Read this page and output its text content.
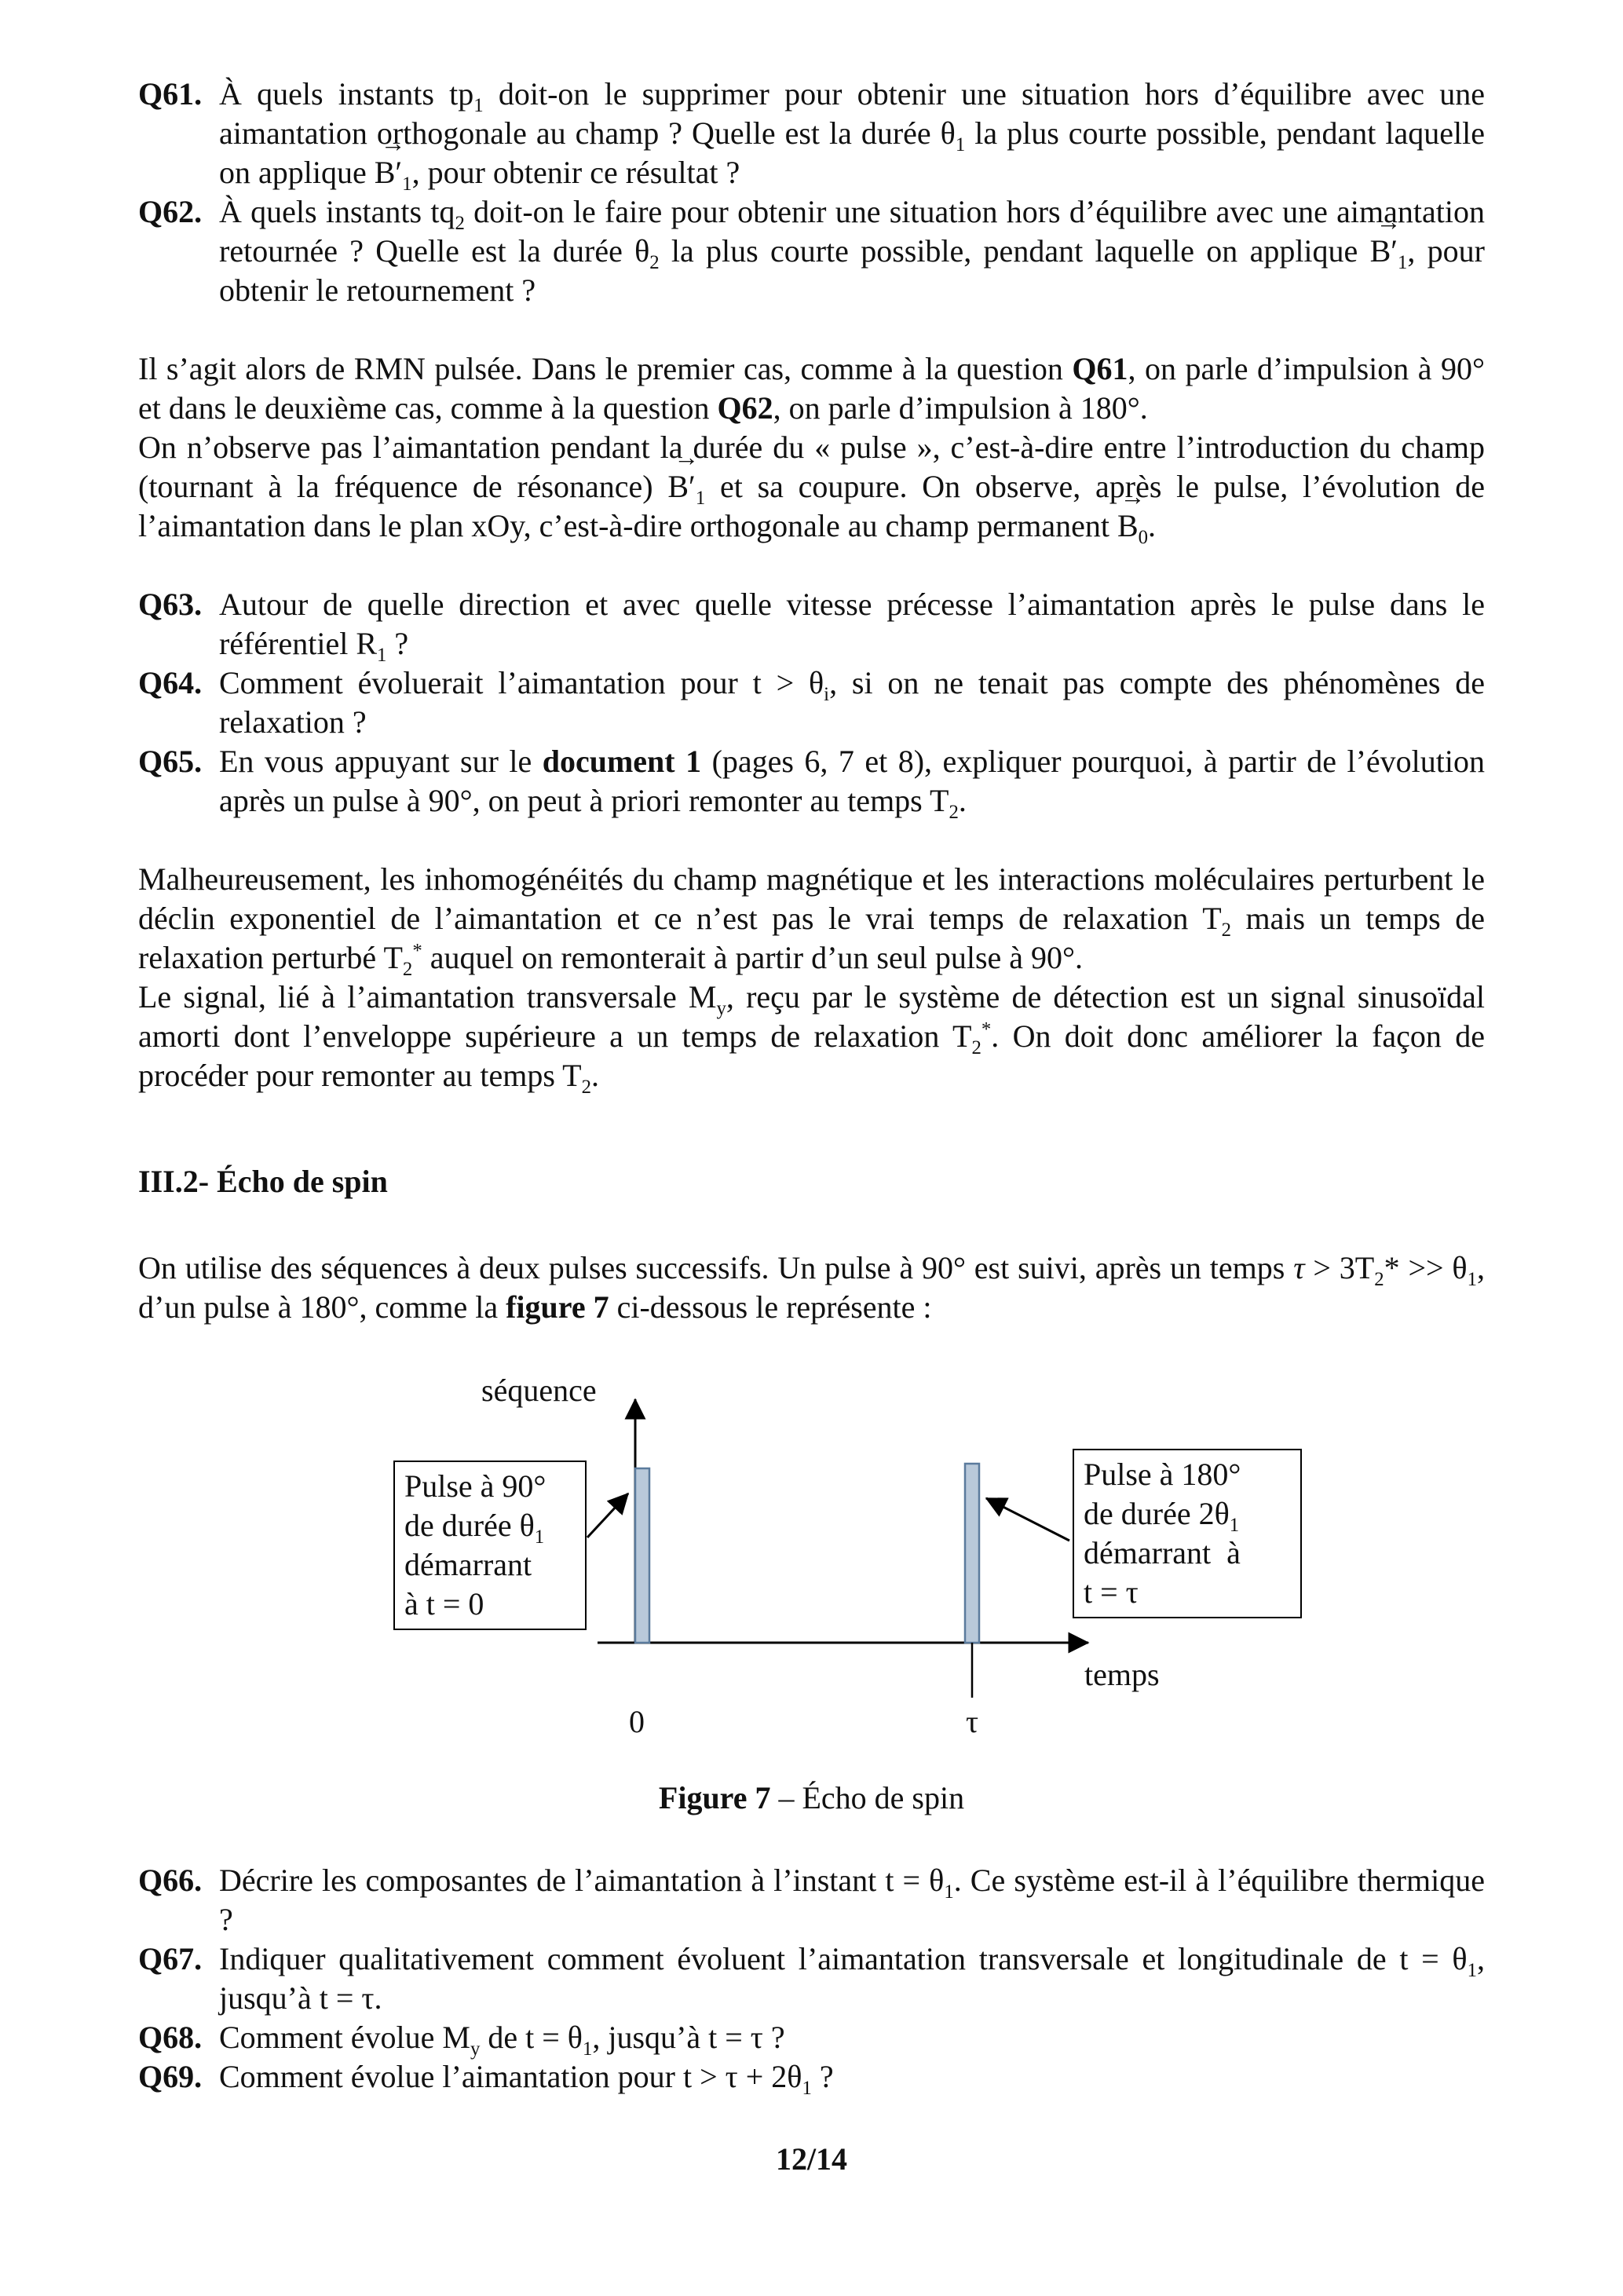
Q61. À quels instants $tp_1$ doit-on le supprimer pour obtenir une situation hors d’équilibre avec une aimantation orthogonale au champ ? Quelle est la durée $\theta_1$ la plus courte possible, pendant laquelle on applique → $B'_1$, pour obtenir ce résultat ?
Q62. À quels instants $tq_2$ doit-on le faire pour obtenir une situation hors d’équilibre avec une aimantation retournée ? Quelle est la durée $\theta_2$ la plus courte possible, pendant laquelle on applique → $B'_1$, pour obtenir le retournement ?
Il s’agit alors de RMN pulsée. Dans le premier cas, comme à la question Q61, on parle d’impulsion à 90° et dans le deuxième cas, comme à la question Q62, on parle d’impulsion à 180°.
On n’observe pas l’aimantation pendant la durée du « pulse », c’est-à-dire entre l’introduction du champ (tournant à la fréquence de résonance) → $B'_1$ et sa coupure. On observe, après le pulse, l’évolution de l’aimantation dans le plan xOy, c’est-à-dire orthogonale au champ permanent → $B_0$.
Q63. Autour de quelle direction et avec quelle vitesse précesse l’aimantation après le pulse dans le référentiel $R_1$ ?
Q64. Comment évoluerait l’aimantation pour $t > \theta_i$, si on ne tenait pas compte des phénomènes de relaxation ?
Q65. En vous appuyant sur le document 1 (pages 6, 7 et 8), expliquer pourquoi, à partir de l’évolution après un pulse à 90°, on peut à priori remonter au temps $T_2$.
Malheureusement, les inhomogénéités du champ magnétique et les interactions moléculaires perturbent le déclin exponentiel de l’aimantation et ce n’est pas le vrai temps de relaxation $T_2$ mais un temps de relaxation perturbé $T_2^*$ auquel on remonterait à partir d’un seul pulse à 90°.
Le signal, lié à l’aimantation transversale $M_y$, reçu par le système de détection est un signal sinusoïdal amorti dont l’enveloppe supérieure a un temps de relaxation $T_2^*$. On doit donc améliorer la façon de procéder pour remonter au temps $T_2$.
III.2- Écho de spin
On utilise des séquences à deux pulses successifs. Un pulse à 90° est suivi, après un temps $\tau > 3T_2* >> \theta_1$, d’un pulse à 180°, comme la figure 7 ci-dessous le représente :
séquence
temps
0	τ
Pulse à 90°
de durée $\theta_1$
démarrant
à t = 0
Pulse à 180°
de durée $2\theta_1$
démarrant  à
t = τ
Figure 7 – Écho de spin
Q66. Décrire les composantes de l’aimantation à l’instant $t = \theta_1$. Ce système est-il à l’équilibre thermique ?
Q67. Indiquer qualitativement comment évoluent l’aimantation transversale et longitudinale de $t = \theta_1$, jusqu’à t = τ.
Q68. Comment évolue $M_y$ de $t = \theta_1$, jusqu’à t = τ ?
Q69. Comment évolue l’aimantation pour $t > \tau + 2\theta_1$ ?
12/14
